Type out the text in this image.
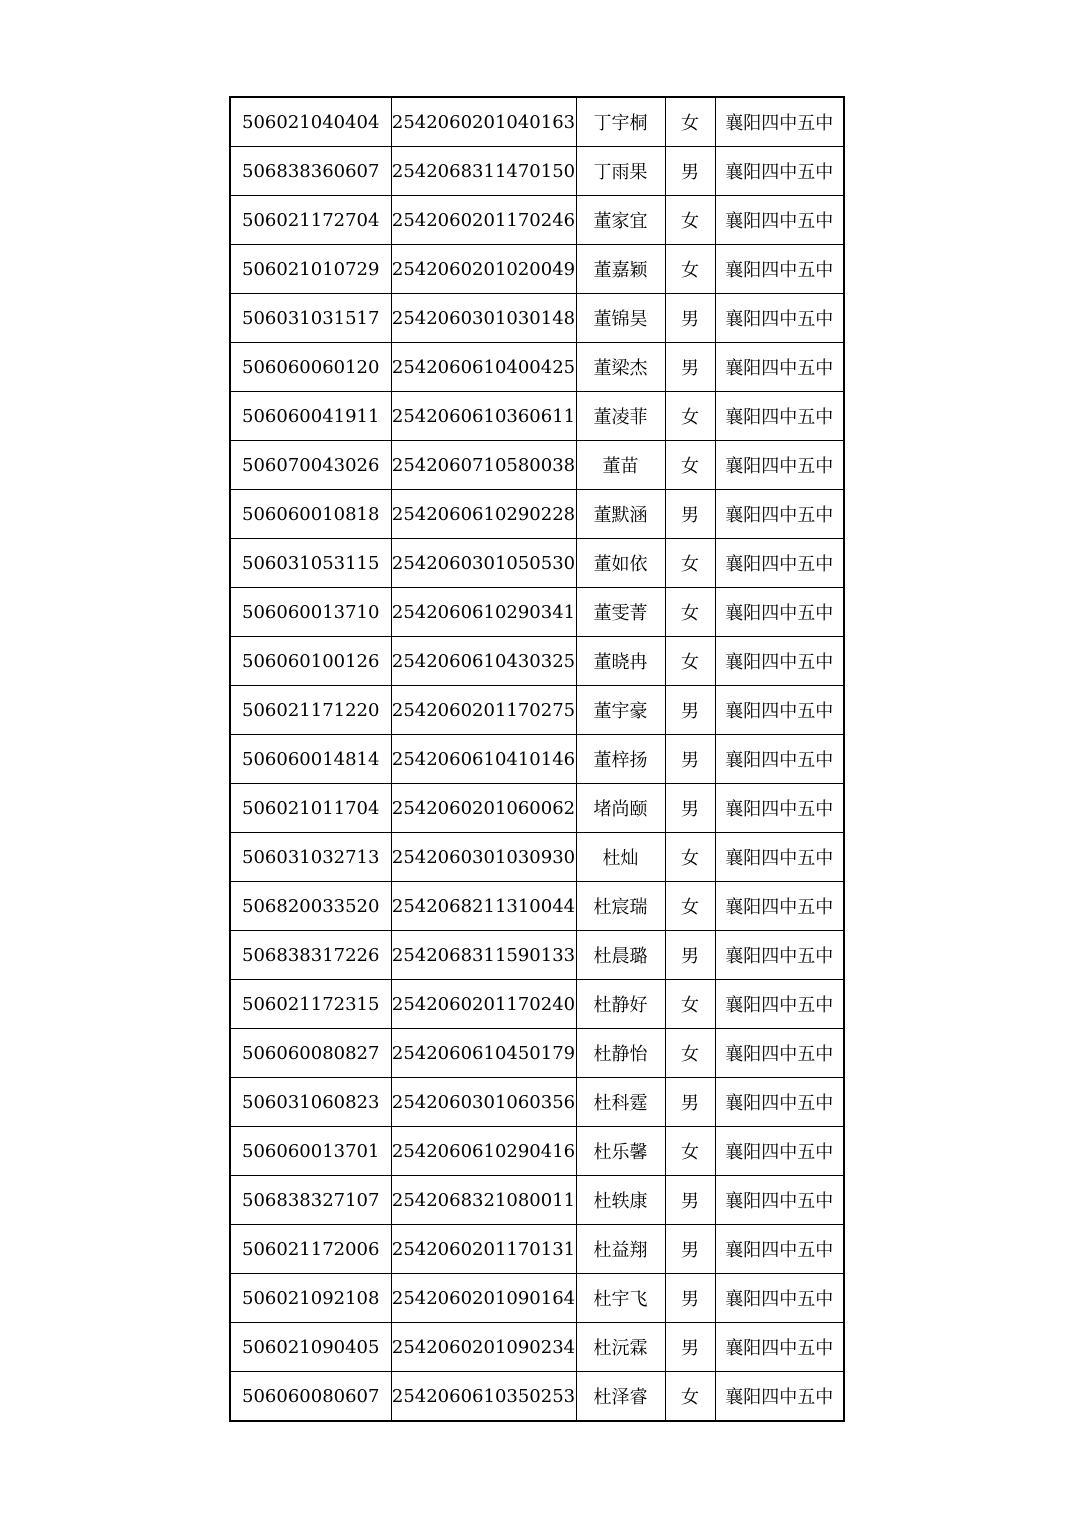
506021040404	2542060201040163	丁宇桐	女	襄阳四中五中
506838360607	2542068311470150	丁雨果	男	襄阳四中五中
506021172704	2542060201170246	董家宜	女	襄阳四中五中
506021010729	2542060201020049	董嘉颖	女	襄阳四中五中
506031031517	2542060301030148	董锦昊	男	襄阳四中五中
506060060120	2542060610400425	董梁杰	男	襄阳四中五中
506060041911	2542060610360611	董凌菲	女	襄阳四中五中
506070043026	2542060710580038	董苗	女	襄阳四中五中
506060010818	2542060610290228	董默涵	男	襄阳四中五中
506031053115	2542060301050530	董如依	女	襄阳四中五中
506060013710	2542060610290341	董雯菁	女	襄阳四中五中
506060100126	2542060610430325	董晓冉	女	襄阳四中五中
506021171220	2542060201170275	董宇豪	男	襄阳四中五中
506060014814	2542060610410146	董梓扬	男	襄阳四中五中
506021011704	2542060201060062	堵尚颐	男	襄阳四中五中
506031032713	2542060301030930	杜灿	女	襄阳四中五中
506820033520	2542068211310044	杜宸瑞	女	襄阳四中五中
506838317226	2542068311590133	杜晨璐	男	襄阳四中五中
506021172315	2542060201170240	杜静好	女	襄阳四中五中
506060080827	2542060610450179	杜静怡	女	襄阳四中五中
506031060823	2542060301060356	杜科霆	男	襄阳四中五中
506060013701	2542060610290416	杜乐馨	女	襄阳四中五中
506838327107	2542068321080011	杜轶康	男	襄阳四中五中
506021172006	2542060201170131	杜益翔	男	襄阳四中五中
506021092108	2542060201090164	杜宇飞	男	襄阳四中五中
506021090405	2542060201090234	杜沅霖	男	襄阳四中五中
506060080607	2542060610350253	杜泽睿	女	襄阳四中五中
